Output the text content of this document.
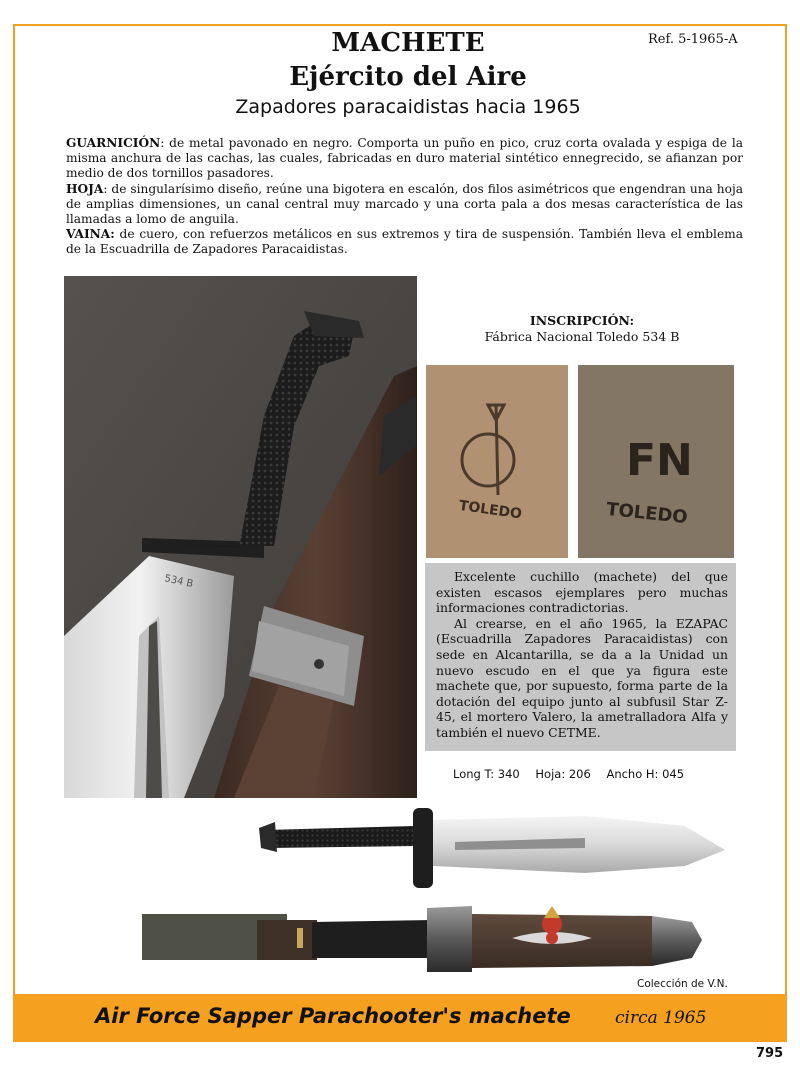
Ref. 5-1965-A
MACHETE
Ejército del Aire
Zapadores paracaidistas hacia 1965

GUARNICIÓN: de metal pavonado en negro. Comporta un puño en pico, cruz corta ovalada y espiga de la misma anchura de las cachas, las cuales, fabricadas en duro material sintético ennegrecido, se afianzan por medio de dos tornillos pasadores.

HOJA: de singularísimo diseño, reúne una bigotera en escalón, dos filos asimétricos que engendran una hoja de amplias dimensiones, un canal central muy marcado y una corta pala a dos mesas característica de las llamadas a lomo de anguila.

VAINA: de cuero, con refuerzos metálicos en sus extremos y tira de suspensión. También lleva el emblema de la Escuadrilla de Zapadores Paracaidistas.

534 B
INSCRIPCIÓN:
Fábrica Nacional Toledo 534 B
TOLEDO
FN
TOLEDO

Excelente cuchillo (machete) del que existen escasos ejemplares pero muchas informaciones contradictorias.

Al crearse, en el año 1965, la EZAPAC (Escuadrilla Zapadores Paracaidistas) con sede en Alcantarilla, se da a la Unidad un nuevo escudo en el que ya figura este machete que, por supuesto, forma parte de la dotación del equipo junto al subfusil Star Z-45, el mortero Valero, la ametralladora Alfa y también el nuevo CETME.

Long T: 340 Hoja: 206 Ancho H: 045
Colección de V.N.
Air Force Sapper Parachooter's machete	circa 1965
795
